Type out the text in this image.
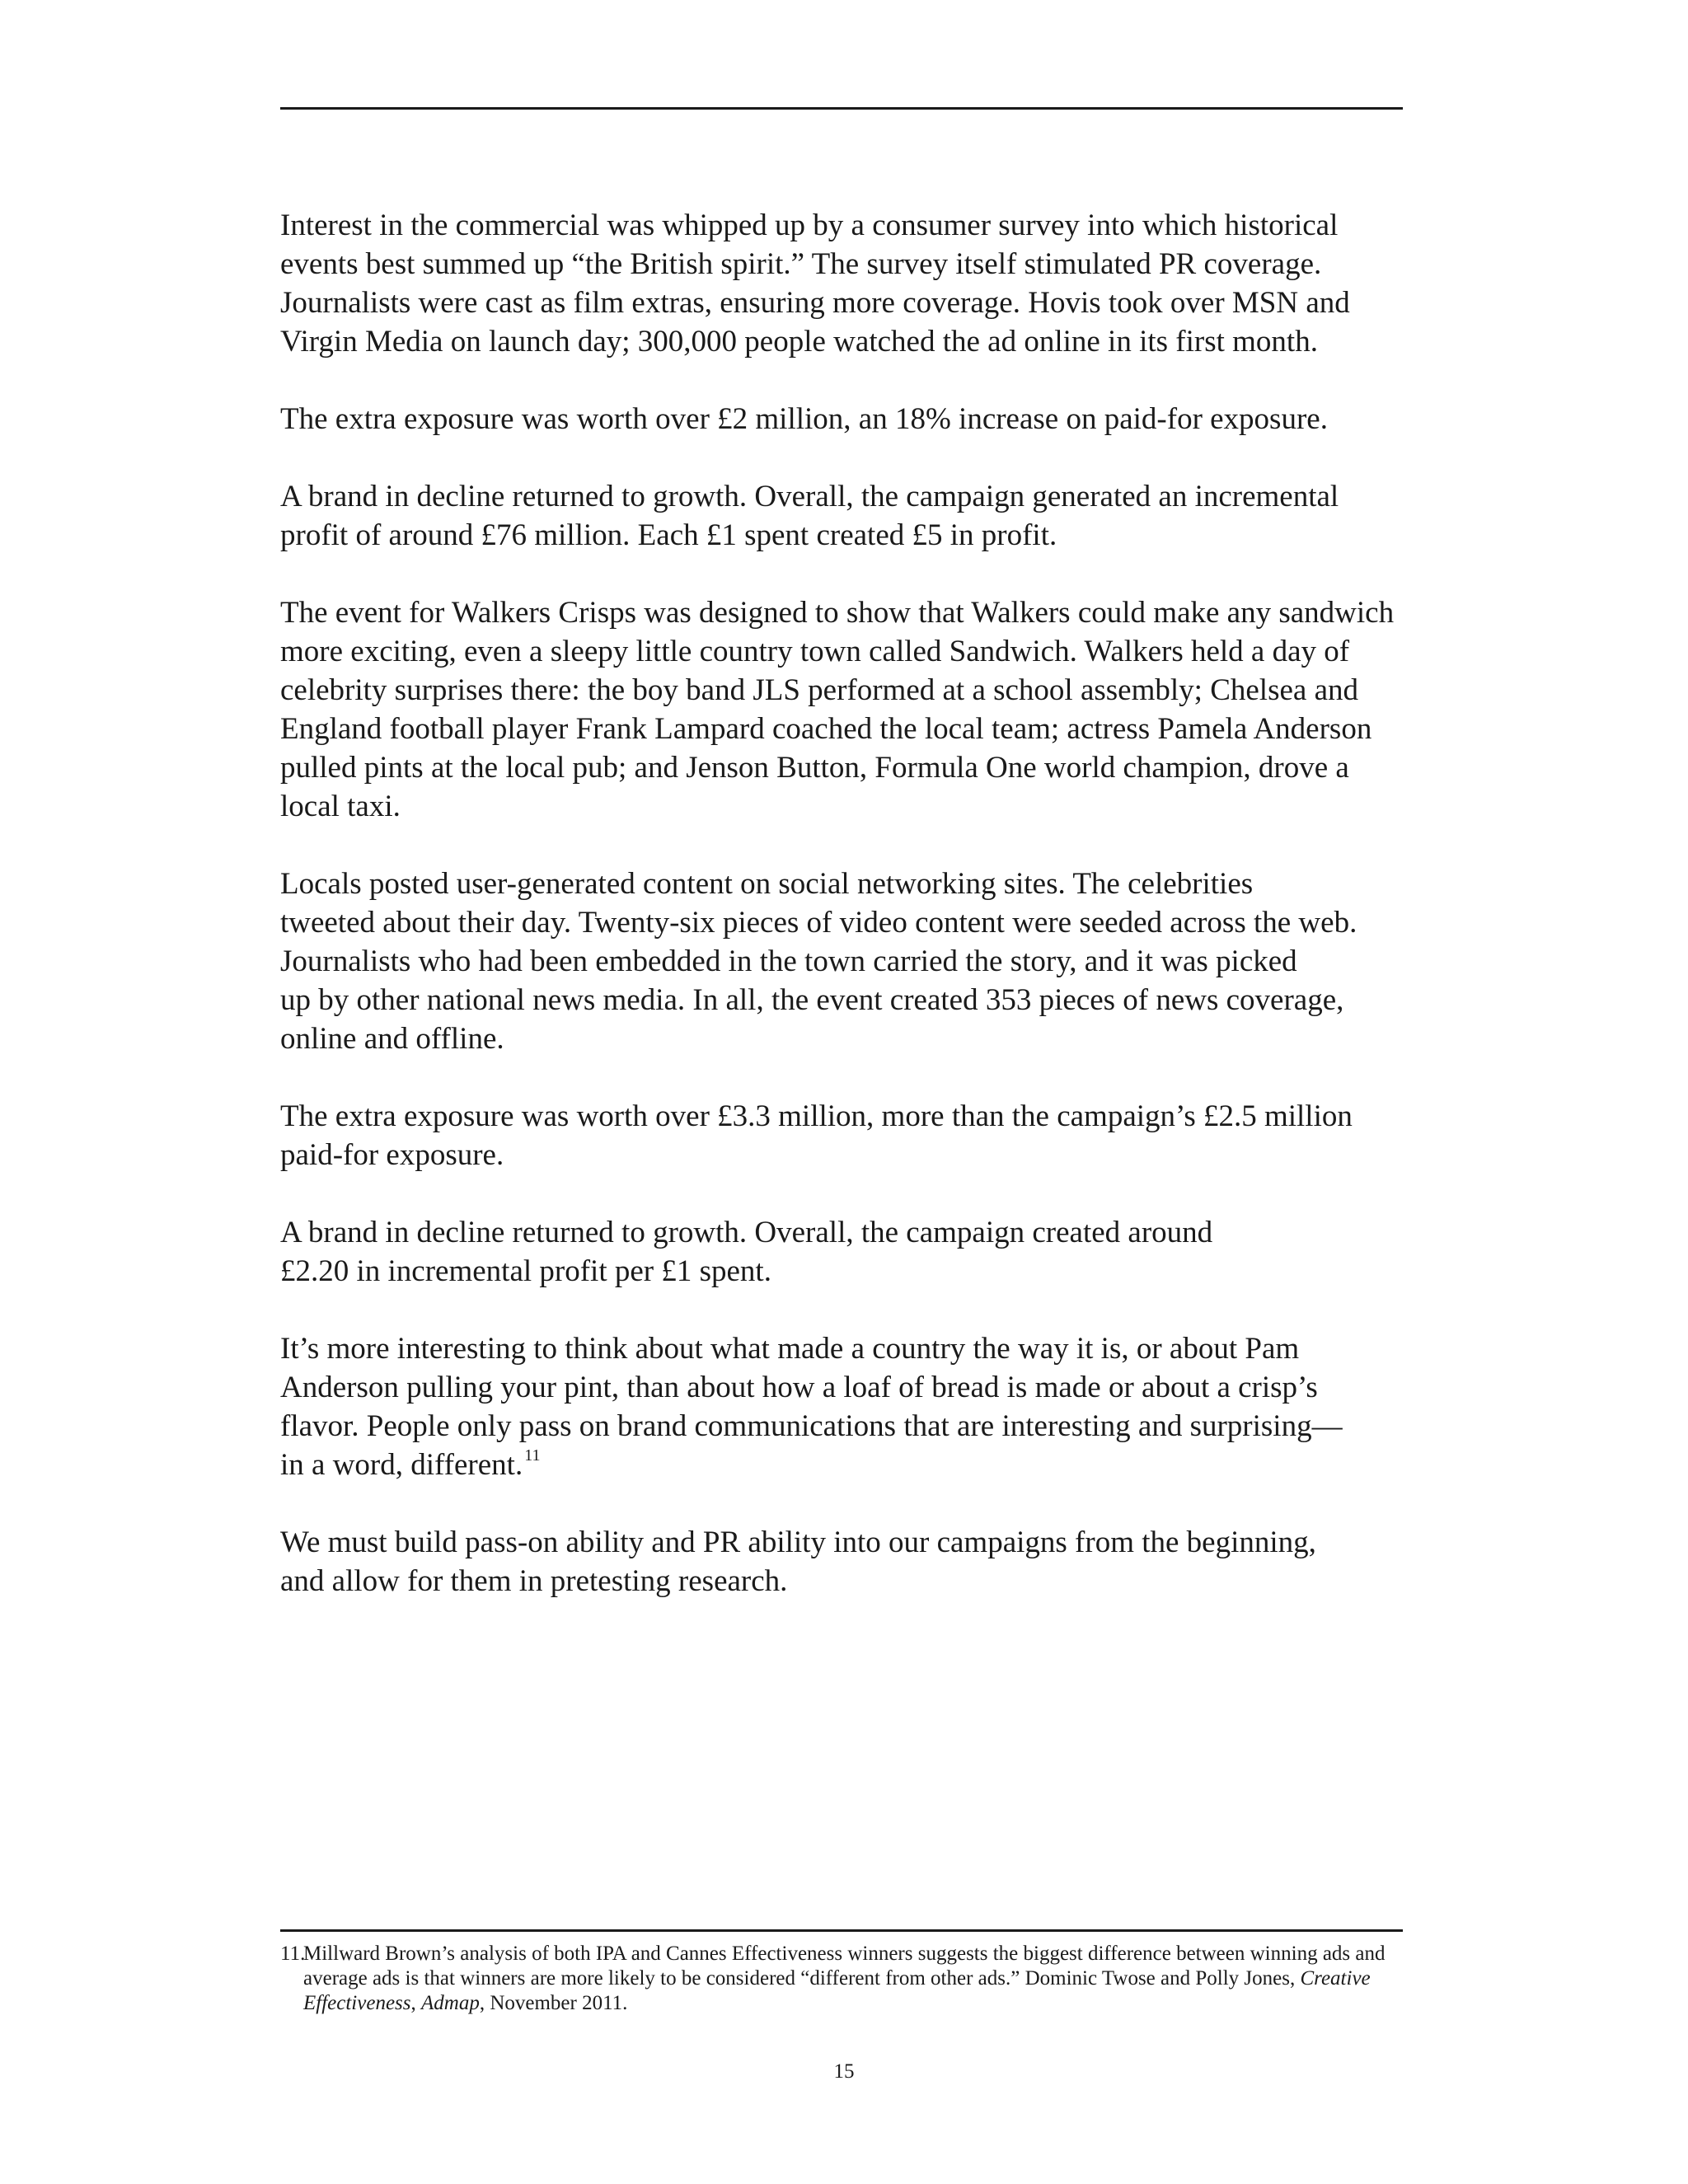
Interest in the commercial was whipped up by a consumer survey into which historical
events best summed up “the British spirit.” The survey itself stimulated PR coverage.
Journalists were cast as film extras, ensuring more coverage. Hovis took over MSN and
Virgin Media on launch day; 300,000 people watched the ad online in its first month.

The extra exposure was worth over £2 million, an 18% increase on paid-for exposure.

A brand in decline returned to growth. Overall, the campaign generated an incremental
profit of around £76 million. Each £1 spent created £5 in profit.

The event for Walkers Crisps was designed to show that Walkers could make any sandwich
more exciting, even a sleepy little country town called Sandwich. Walkers held a day of
celebrity surprises there: the boy band JLS performed at a school assembly; Chelsea and
England football player Frank Lampard coached the local team; actress Pamela Anderson
pulled pints at the local pub; and Jenson Button, Formula One world champion, drove a
local taxi.

Locals posted user-generated content on social networking sites. The celebrities
tweeted about their day. Twenty-six pieces of video content were seeded across the web.
Journalists who had been embedded in the town carried the story, and it was picked
up by other national news media. In all, the event created 353 pieces of news coverage,
online and offline.

The extra exposure was worth over £3.3 million, more than the campaign’s £2.5 million
paid-for exposure.

A brand in decline returned to growth. Overall, the campaign created around
£2.20 in incremental profit per £1 spent.

It’s more interesting to think about what made a country the way it is, or about Pam
Anderson pulling your pint, than about how a loaf of bread is made or about a crisp’s
flavor. People only pass on brand communications that are interesting and surprising—
in a word, different. $^{11}$

We must build pass-on ability and PR ability into our campaigns from the beginning,
and allow for them in pretesting research.

11.
Millward Brown’s analysis of both IPA and Cannes Effectiveness winners suggests the biggest difference between winning ads and average ads is that winners are more likely to be considered “different from other ads.” Dominic Twose and Polly Jones, Creative Effectiveness, Admap, November 2011.
15
